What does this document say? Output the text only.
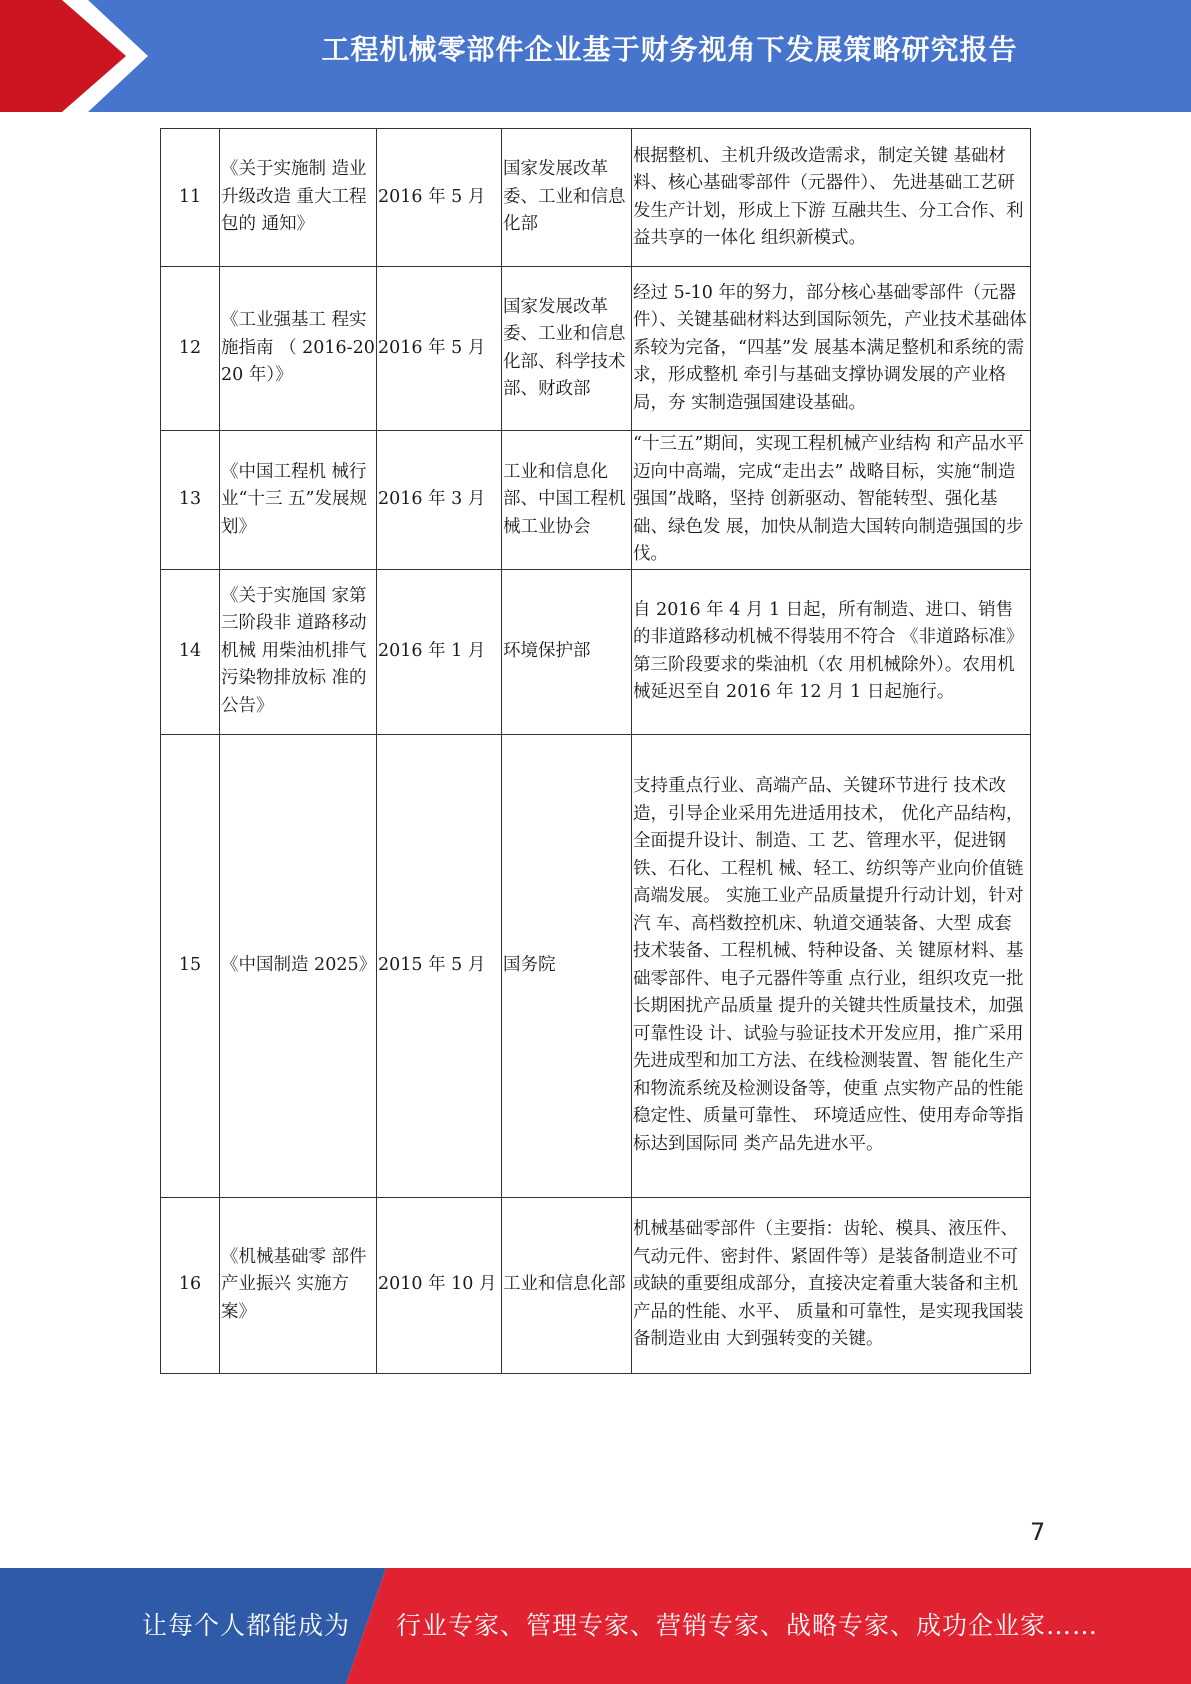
工程机械零部件企业基于财务视角下发展策略研究报告
11	《关于实施制 造业升级改造 重大工程包的 通知》	2016 年 5 月	国家发展改革委、工业和信息化部	根据整机、主机升级改造需求，制定关键 基础材料、核心基础零部件（元器件）、 先进基础工艺研发生产计划，形成上下游 互融共生、分工合作、利益共享的一体化 组织新模式。
12	《工业强基工 程实施指南 （ 2016-2020 年）》	2016 年 5 月	国家发展改革委、工业和信息化部、科学技术部、财政部	经过 5-10 年的努力，部分核心基础零部件（元器件）、关键基础材料达到国际领先，产业技术基础体系较为完备，“四基”发 展基本满足整机和系统的需求，形成整机 牵引与基础支撑协调发展的产业格局，夯 实制造强国建设基础。
13	《中国工程机 械行业“十三 五”发展规划》	2016 年 3 月	工业和信息化部、中国工程机械工业协会	“十三五”期间，实现工程机械产业结构 和产品水平迈向中高端，完成“走出去” 战略目标，实施“制造强国”战略，坚持 创新驱动、智能转型、强化基础、绿色发 展，加快从制造大国转向制造强国的步伐。
14	《关于实施国 家第三阶段非 道路移动机械 用柴油机排气 污染物排放标 准的公告》	2016 年 1 月	环境保护部	自 2016 年 4 月 1 日起，所有制造、进口、销售的非道路移动机械不得装用不符合 《非道路标准》第三阶段要求的柴油机（农 用机械除外）。农用机械延迟至自 2016 年 12 月 1 日起施行。
15	《中国制造 2025》	2015 年 5 月	国务院	支持重点行业、高端产品、关键环节进行 技术改造，引导企业采用先进适用技术， 优化产品结构，全面提升设计、制造、工 艺、管理水平，促进钢铁、石化、工程机 械、轻工、纺织等产业向价值链高端发展。 实施工业产品质量提升行动计划，针对汽 车、高档数控机床、轨道交通装备、大型 成套技术装备、工程机械、特种设备、关 键原材料、基础零部件、电子元器件等重 点行业，组织攻克一批长期困扰产品质量 提升的关键共性质量技术，加强可靠性设 计、试验与验证技术开发应用，推广采用 先进成型和加工方法、在线检测装置、智 能化生产和物流系统及检测设备等，使重 点实物产品的性能稳定性、质量可靠性、 环境适应性、使用寿命等指标达到国际同 类产品先进水平。
16	《机械基础零 部件产业振兴 实施方案》	2010 年 10 月	工业和信息化部	机械基础零部件（主要指：齿轮、模具、液压件、气动元件、密封件、紧固件等）是装备制造业不可或缺的重要组成部分，直接决定着重大装备和主机产品的性能、水平、 质量和可靠性，是实现我国装备制造业由 大到强转变的关键。
7
让每个人都能成为 行业专家、管理专家、营销专家、战略专家、成功企业家……
